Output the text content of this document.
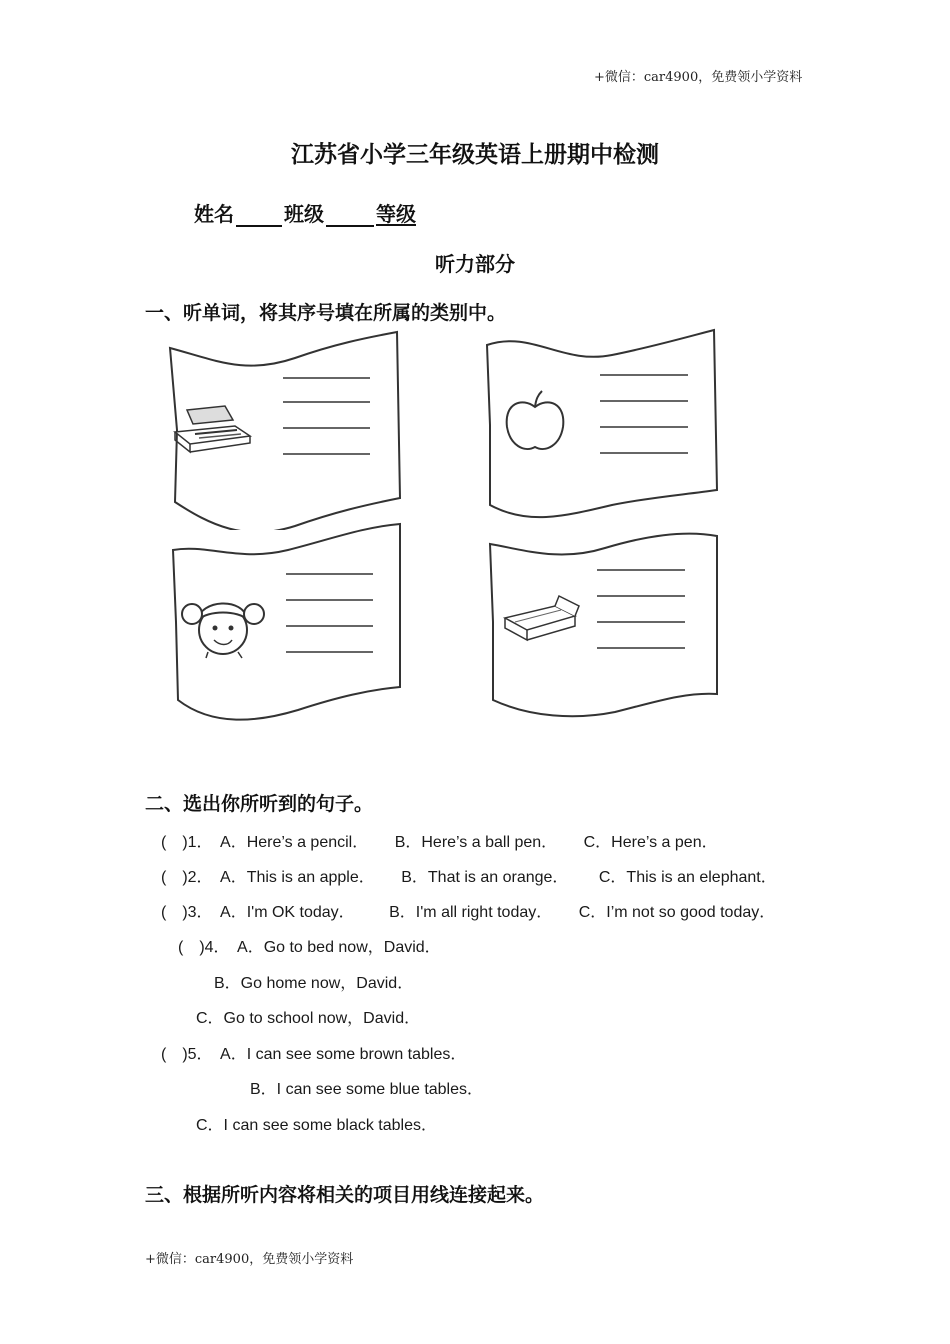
+微信：car4900，免费领小学资料
江苏省小学三年级英语上册期中检测
姓名	班级	等级
听力部分
一、听单词，将其序号填在所属的类别中。
二、选出你所听到的句子。
( )1． A．Here’s a pencil． B．Here’s a ball pen． C．Here’s a pen．
( )2． A．This is an apple． B．That is an orange． C．This is an elephant．
( )3． A．I'm OK today． B．I'm all right today． C．I’m not so good today．
( )4． A．Go to bed now，David．
B．Go home now，David．
C．Go to school now，David．
( )5． A．I can see some brown tables．
B．I can see some blue tables．
C．I can see some black tables．
三、根据所听内容将相关的项目用线连接起来。
+微信：car4900，免费领小学资料
